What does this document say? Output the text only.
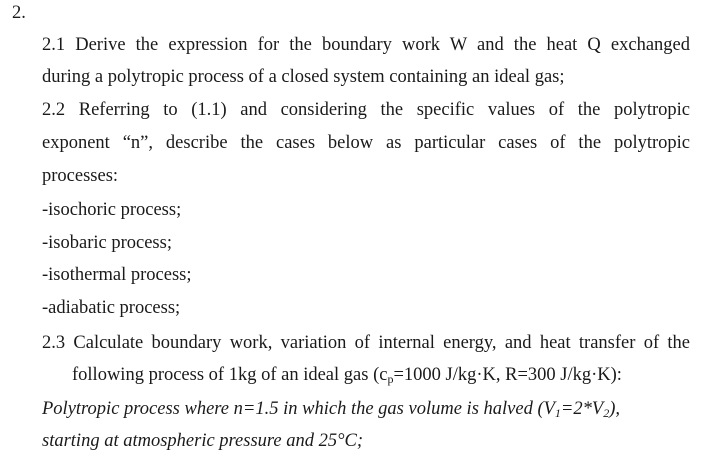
2.
2.1 Derive the expression for the boundary work W and the heat Q exchanged
during a polytropic process of a closed system containing an ideal gas;
2.2 Referring to (1.1) and considering the specific values of the polytropic
exponent “n”, describe the cases below as particular cases of the polytropic
processes:
-isochoric process;
-isobaric process;
-isothermal process;
-adiabatic process;
2.3 Calculate boundary work, variation of internal energy, and heat transfer of the
following process of 1kg of an ideal gas ($c_p=1000$ J/kg·K, R=300 J/kg·K):
Polytropic process where n=1.5 in which the gas volume is halved $(V_1=2*V_2)$,
starting at atmospheric pressure and 25°C;
